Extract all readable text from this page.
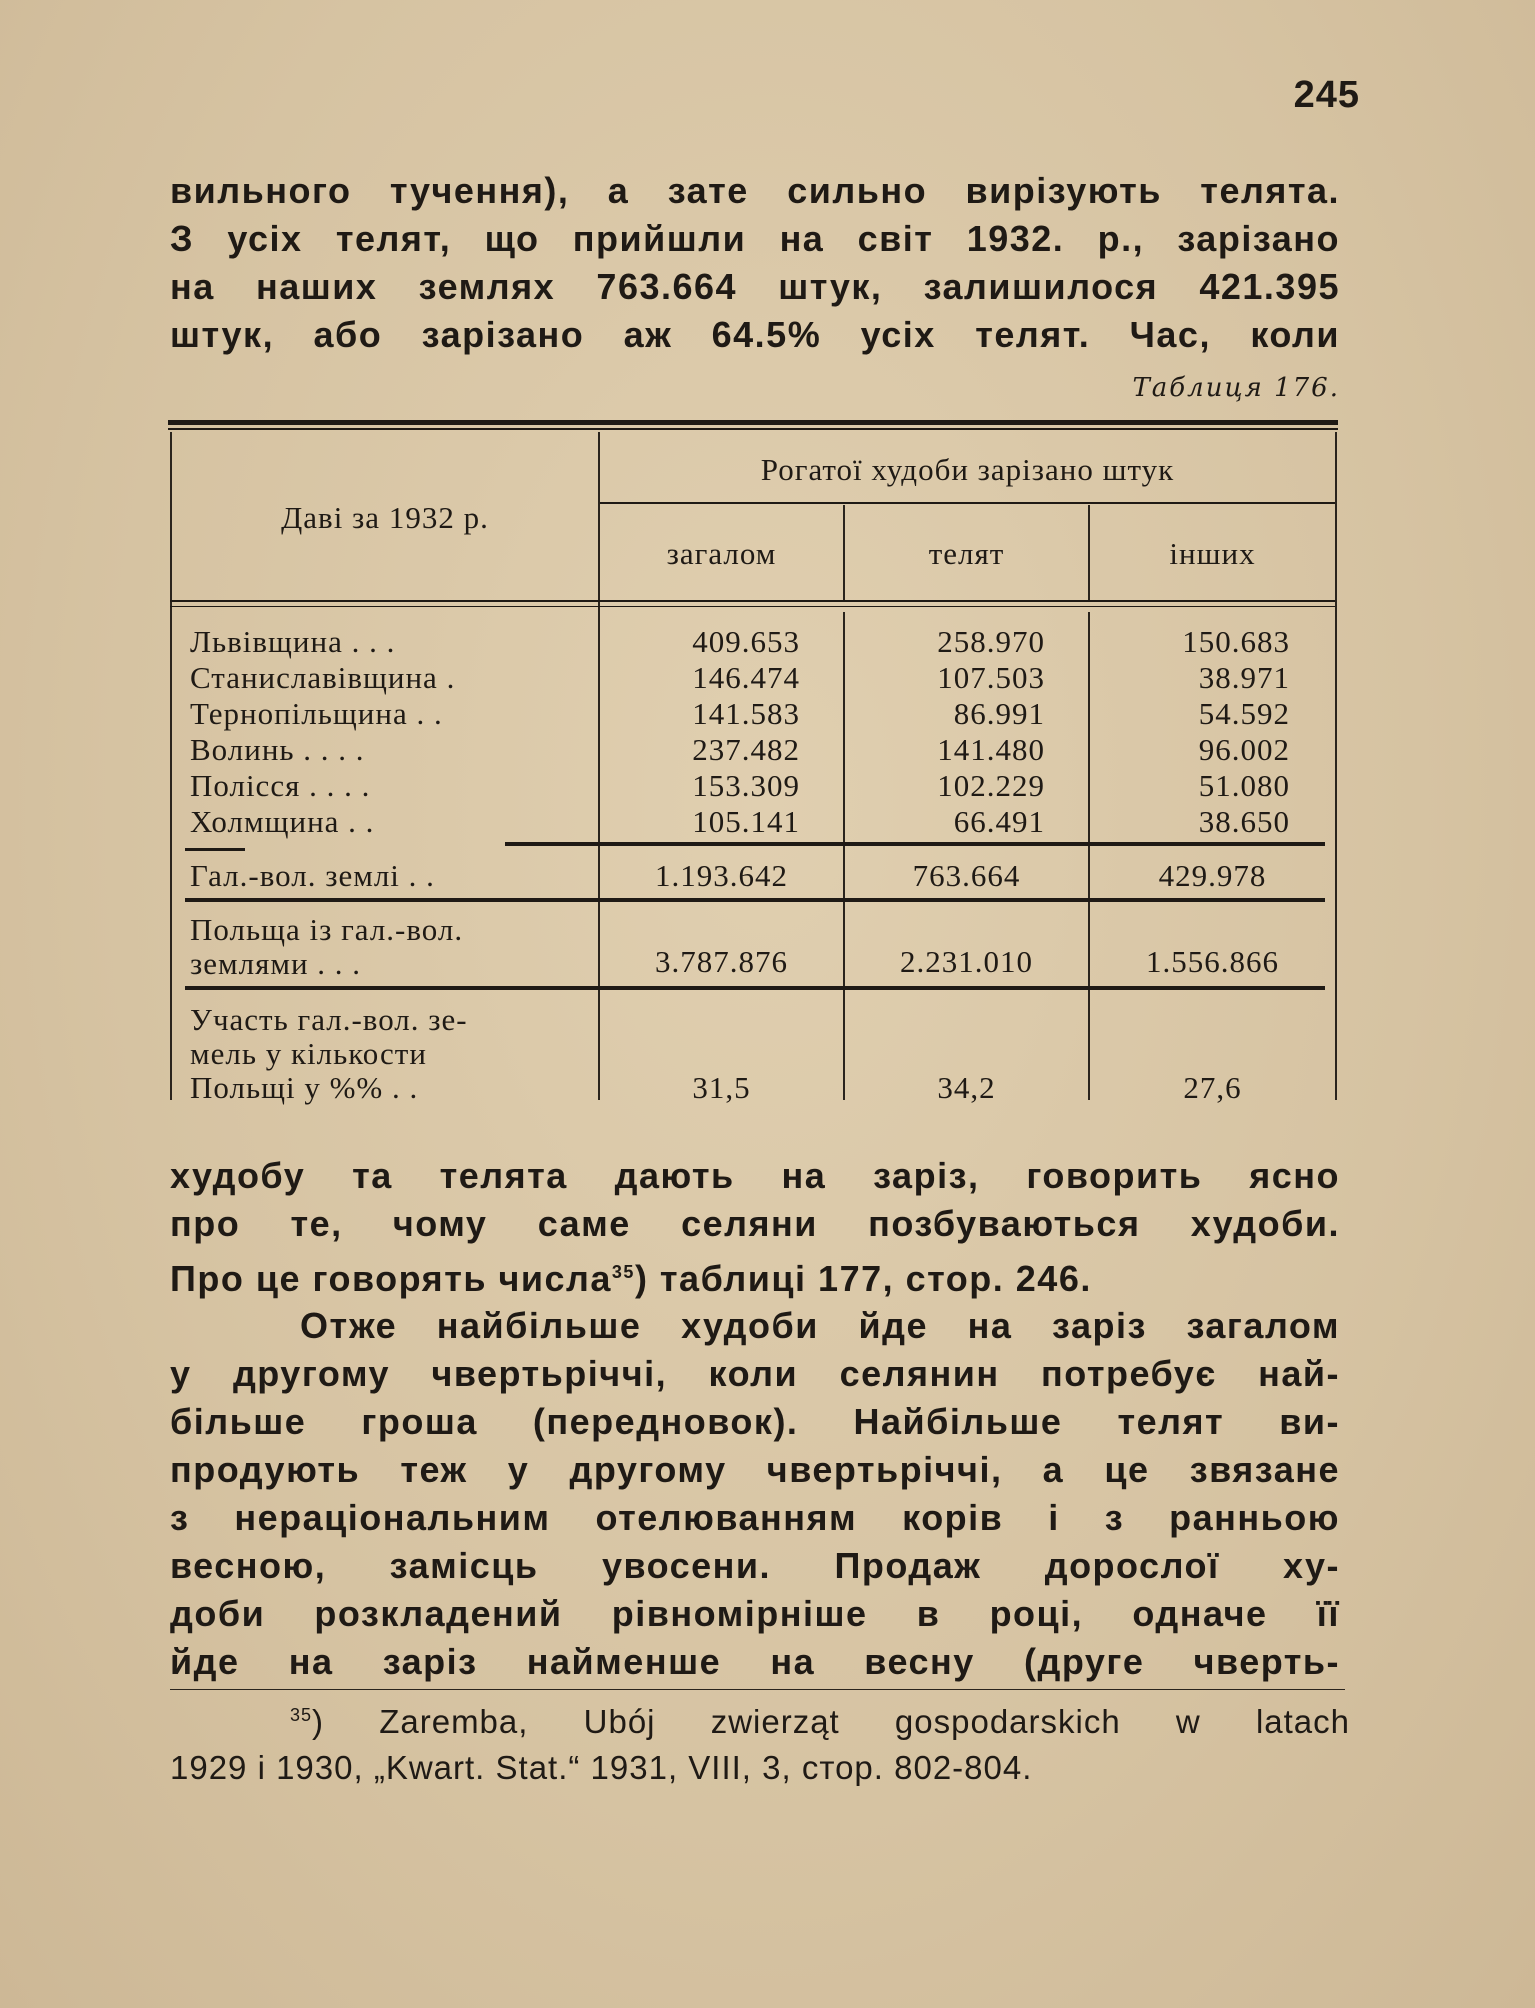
245
вильного тучення), а зате сильно вирізують телята.
З усіх телят, що прийшли на світ 1932. р., зарізано
на наших землях 763.664 штук, залишилося 421.395
штук, або зарізано аж 64.5% усіх телят. Час, коли
Таблиця 176.
Даві за 1932 р.
Рогатої худоби зарізано штук
загалом	телят	інших
Львівщина . . .	409.653	258.970	150.683
Станиславівщина .	146.474	107.503	38.971
Тернопільщина . .	141.583	86.991	54.592
Волинь . . . .	237.482	141.480	96.002
Полісся . . . .	153.309	102.229	51.080
Холмщина . .	105.141	66.491	38.650
Гал.-вол. землі . .	1.193.642	763.664	429.978
Польща із гал.-вол.
землями . . .	3.787.876	2.231.010	1.556.866
Участь гал.-вол. зе-
мель у кількости
Польщі у %% . .	31,5	34,2	27,6
худобу та телята дають на заріз, говорить ясно
про те, чому саме селяни позбуваються худоби.
Про це говорять числа$^{35}$) таблиці 177, стор. 246.
Отже найбільше худоби йде на заріз загалом
у другому чвертьріччі, коли селянин потребує най-
більше гроша (передновок). Найбільше телят ви-
продують теж у другому чвертьріччі, а це звязане
з нераціональним отелюванням корів і з ранньою
весною, замісць увосени. Продаж дорослої ху-
доби розкладений рівномірніше в році, одначе її
йде на заріз найменше на весну (друге чверть-
$^{35}$) Zaremba, Ubój zwierząt gospodarskich w latach
1929 i 1930, „Kwart. Stat.“ 1931, VIII, 3, стор. 802-804.
